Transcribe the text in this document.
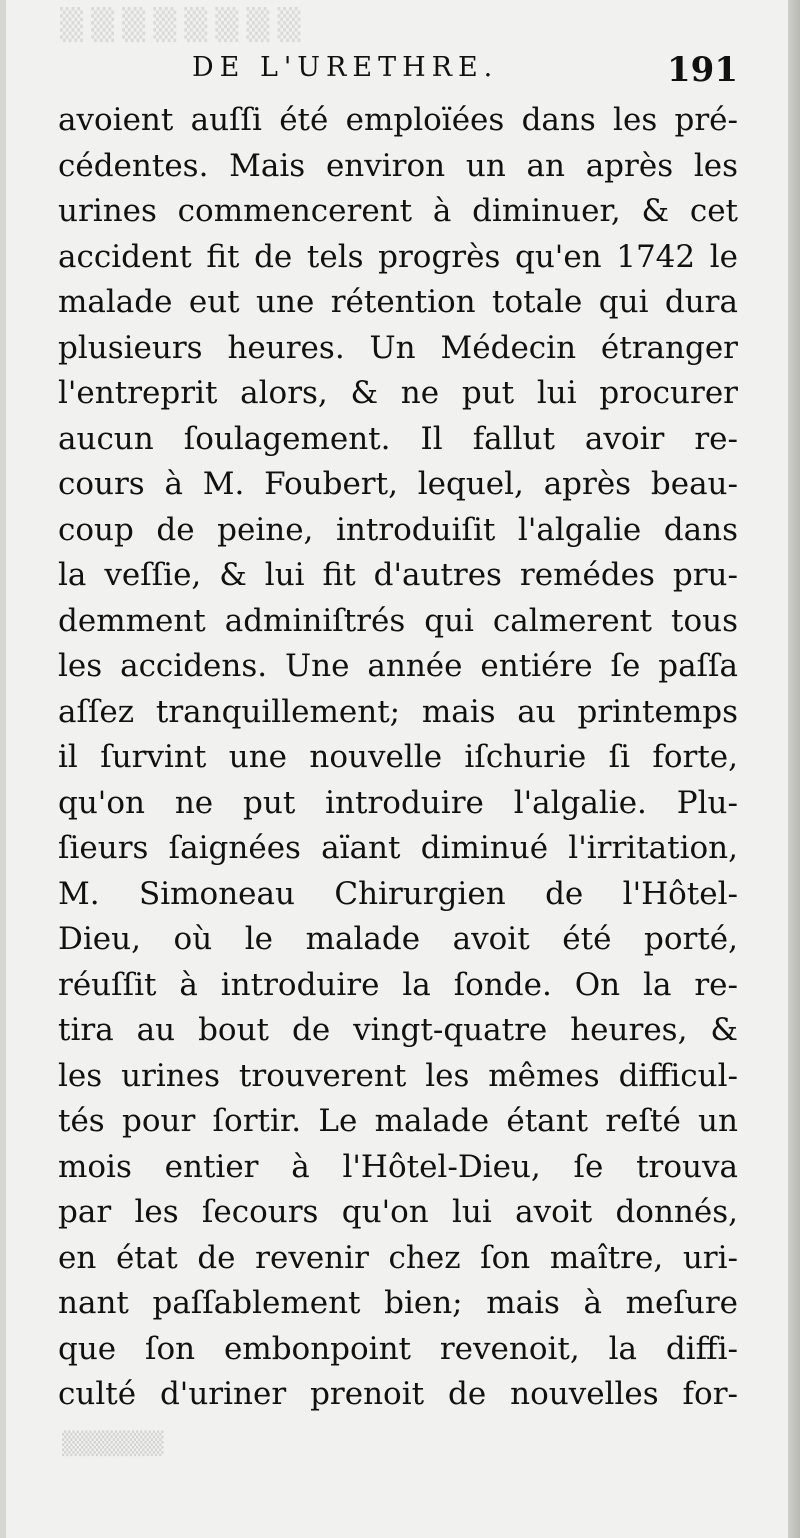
▒▒▒▒▒▒▒▒
DE L'URETHRE.	191
avoient auſſi été emploïées dans les pré-
cédentes. Mais environ un an après les
urines commencerent à diminuer, & cet
accident fit de tels progrès qu'en 1742 le
malade eut une rétention totale qui dura
plusieurs heures. Un Médecin étranger
l'entreprit alors, & ne put lui procurer
aucun ſoulagement. Il fallut avoir re-
cours à M. Foubert, lequel, après beau-
coup de peine, introduiſit l'algalie dans
la veſſie, & lui fit d'autres remédes pru-
demment adminiſtrés qui calmerent tous
les accidens. Une année entiére ſe paſſa
aſſez tranquillement; mais au printemps
il ſurvint une nouvelle iſchurie ſi forte,
qu'on ne put introduire l'algalie. Plu-
ſieurs ſaignées aïant diminué l'irritation,
M. Simoneau Chirurgien de l'Hôtel-
Dieu, où le malade avoit été porté,
réuſſit à introduire la ſonde. On la re-
tira au bout de vingt-quatre heures, &
les urines trouverent les mêmes difficul-
tés pour ſortir. Le malade étant reſté un
mois entier à l'Hôtel-Dieu, ſe trouva
par les ſecours qu'on lui avoit donnés,
en état de revenir chez ſon maître, uri-
nant paſſablement bien; mais à meſure
que ſon embonpoint revenoit, la diffi-
culté d'uriner prenoit de nouvelles for-
▒▒▒▒▒▒
